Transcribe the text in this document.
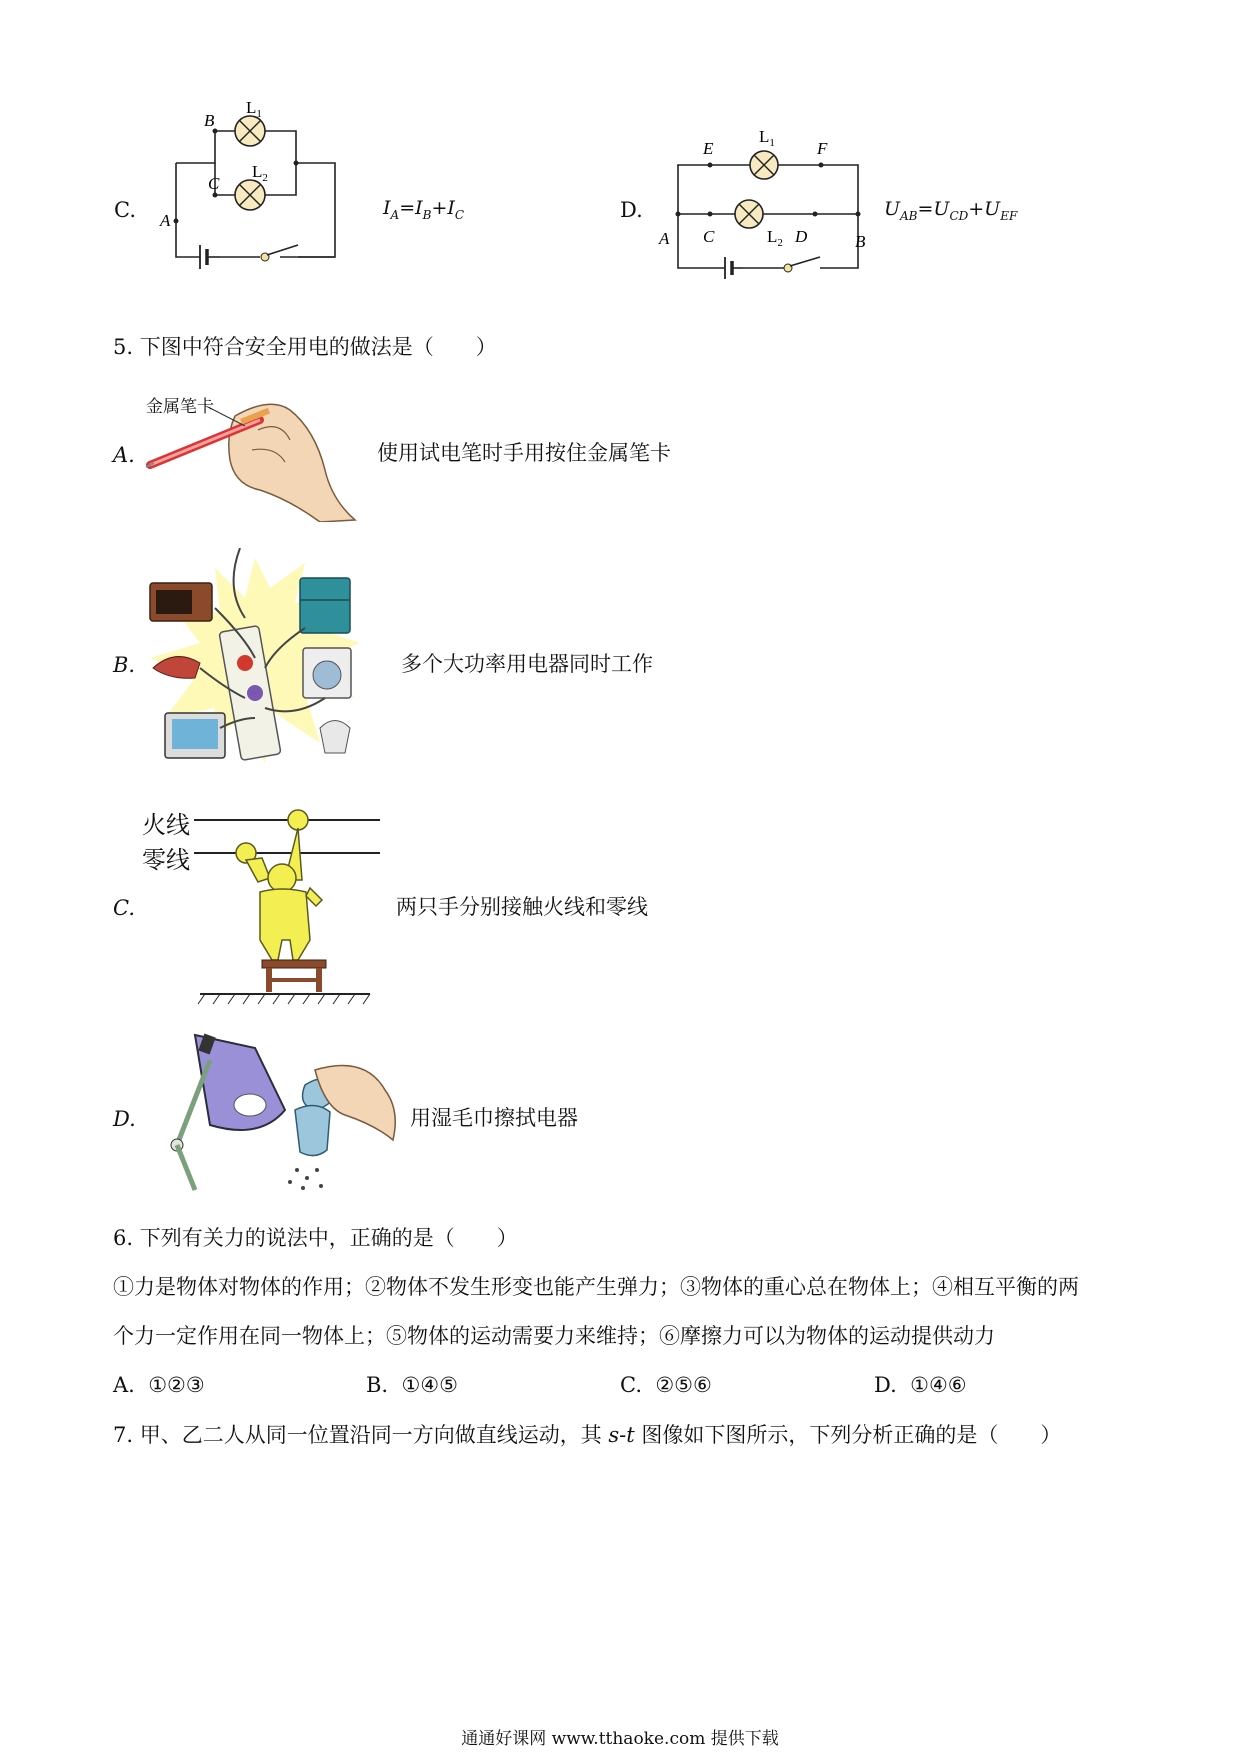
C.
B
C
A
$L_1$
$L_2$
$I_A=I_B+I_C$	D.
E	F
A C	D	B
$L_1$
$L_2$
$U_{AB}=U_{CD}+U_{EF}$
5. 下图中符合安全用电的做法是（　　）
A.
金属笔卡
使用试电笔时手用按住金属笔卡
B.	多个大功率用电器同时工作
火线
零线
C.	两只手分别接触火线和零线
D.	用湿毛巾擦拭电器
6. 下列有关力的说法中，正确的是（　　）
①力是物体对物体的作用；②物体不发生形变也能产生弹力；③物体的重心总在物体上；④相互平衡的两
个力一定作用在同一物体上；⑤物体的运动需要力来维持；⑥摩擦力可以为物体的运动提供动力
A. ①②③	B. ①④⑤	C. ②⑤⑥	D. ①④⑥
7. 甲、乙二人从同一位置沿同一方向做直线运动，其 s-t 图像如下图所示，下列分析正确的是（　　）
通通好课网 www.tthaoke.com 提供下载
